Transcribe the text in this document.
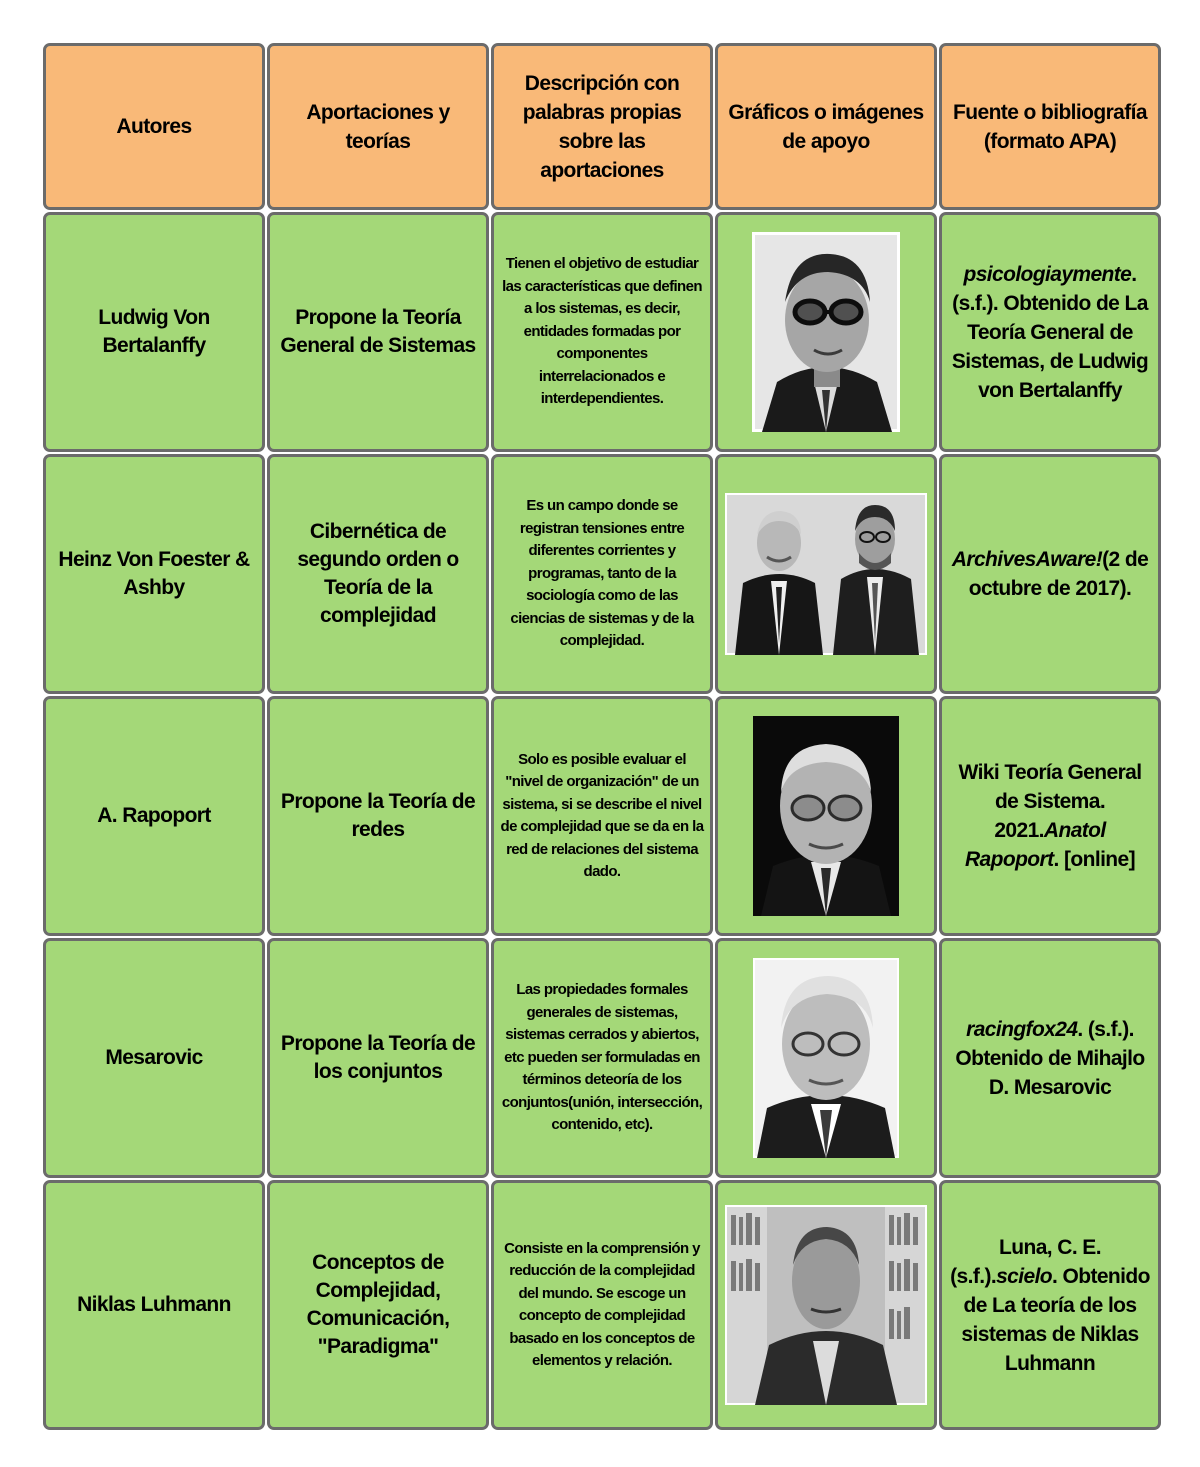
Autores
Aportaciones y teorías
Descripción con palabras propias sobre las aportaciones
Gráficos o imágenes de apoyo
Fuente o bibliografía (formato APA)
Ludwig Von Bertalanffy
Propone la Teoría General de Sistemas
Tienen el objetivo de estudiar las características que definen a los sistemas, es decir, entidades formadas por componentes interrelacionados e interdependientes.
psicologiaymente. (s.f.). Obtenido de La Teoría General de Sistemas, de Ludwig von Bertalanffy
Heinz Von Foester & Ashby
Cibernética de segundo orden o Teoría de la complejidad
Es un campo donde se registran tensiones entre diferentes corrientes y programas, tanto de la sociología como de las ciencias de sistemas y de la complejidad.
ArchivesAware!(2 de octubre de 2017).
A. Rapoport
Propone la Teoría de redes
Solo es posible evaluar el "nivel de organización" de un sistema, si se describe el nivel de complejidad que se da en la red de relaciones del sistema dado.
Wiki Teoría General de Sistema. 2021.Anatol Rapoport. [online]
Mesarovic
Propone la Teoría de los conjuntos
Las propiedades formales generales de sistemas, sistemas cerrados y abiertos, etc pueden ser formuladas en términos deteoría de los conjuntos(unión, intersección, contenido, etc).
racingfox24. (s.f.). Obtenido de Mihajlo D. Mesarovic
Niklas Luhmann
Conceptos de Complejidad, Comunicación, "Paradigma"
Consiste en la comprensión y reducción de la complejidad del mundo. Se escoge un concepto de complejidad basado en los conceptos de elementos y relación.
Luna, C. E. (s.f.).scielo. Obtenido de La teoría de los sistemas de Niklas Luhmann
